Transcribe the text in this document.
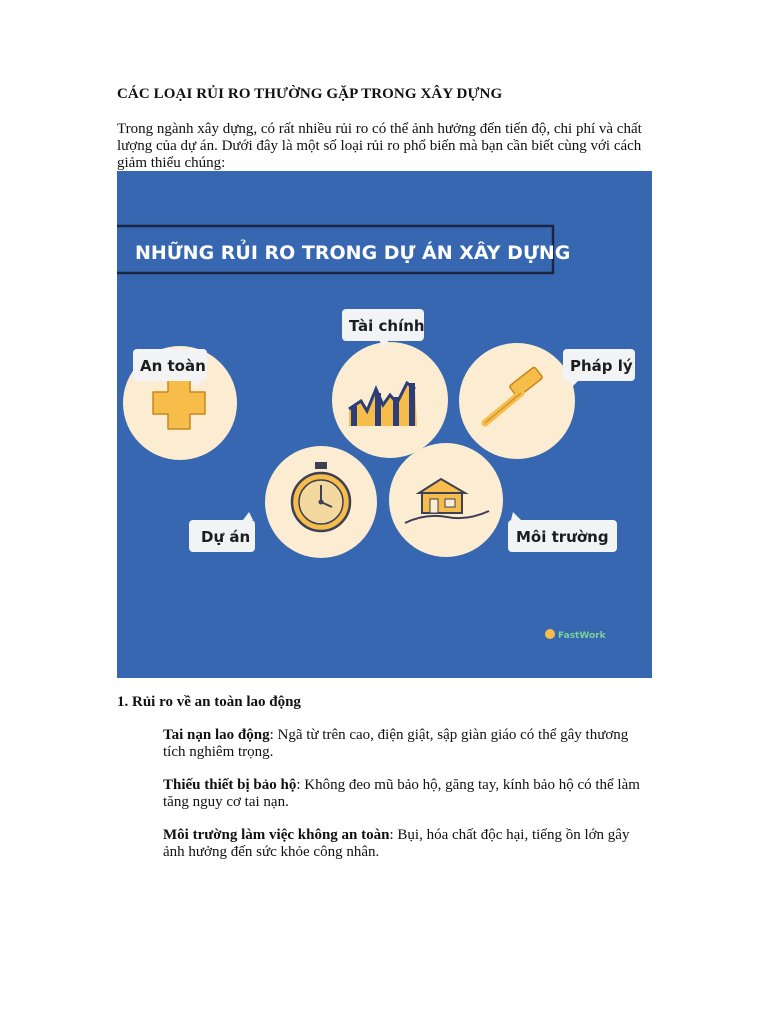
CÁC LOẠI RỦI RO THƯỜNG GẶP TRONG XÂY DỰNG
Trong ngành xây dựng, có rất nhiều rủi ro có thể ảnh hưởng đến tiến độ, chi phí và chất lượng của dự án. Dưới đây là một số loại rủi ro phổ biến mà bạn cần biết cùng với cách giảm thiểu chúng:
NHỮNG RỦI RO TRONG DỰ ÁN XÂY DỰNG
An toàn
Tài chính
Pháp lý
Dự án	Môi trường
FastWork
1. Rủi ro về an toàn lao động
Tai nạn lao động: Ngã từ trên cao, điện giật, sập giàn giáo có thể gây thương tích nghiêm trọng.
Thiếu thiết bị bảo hộ: Không đeo mũ bảo hộ, găng tay, kính bảo hộ có thể làm tăng nguy cơ tai nạn.
Môi trường làm việc không an toàn: Bụi, hóa chất độc hại, tiếng ồn lớn gây ảnh hưởng đến sức khỏe công nhân.
